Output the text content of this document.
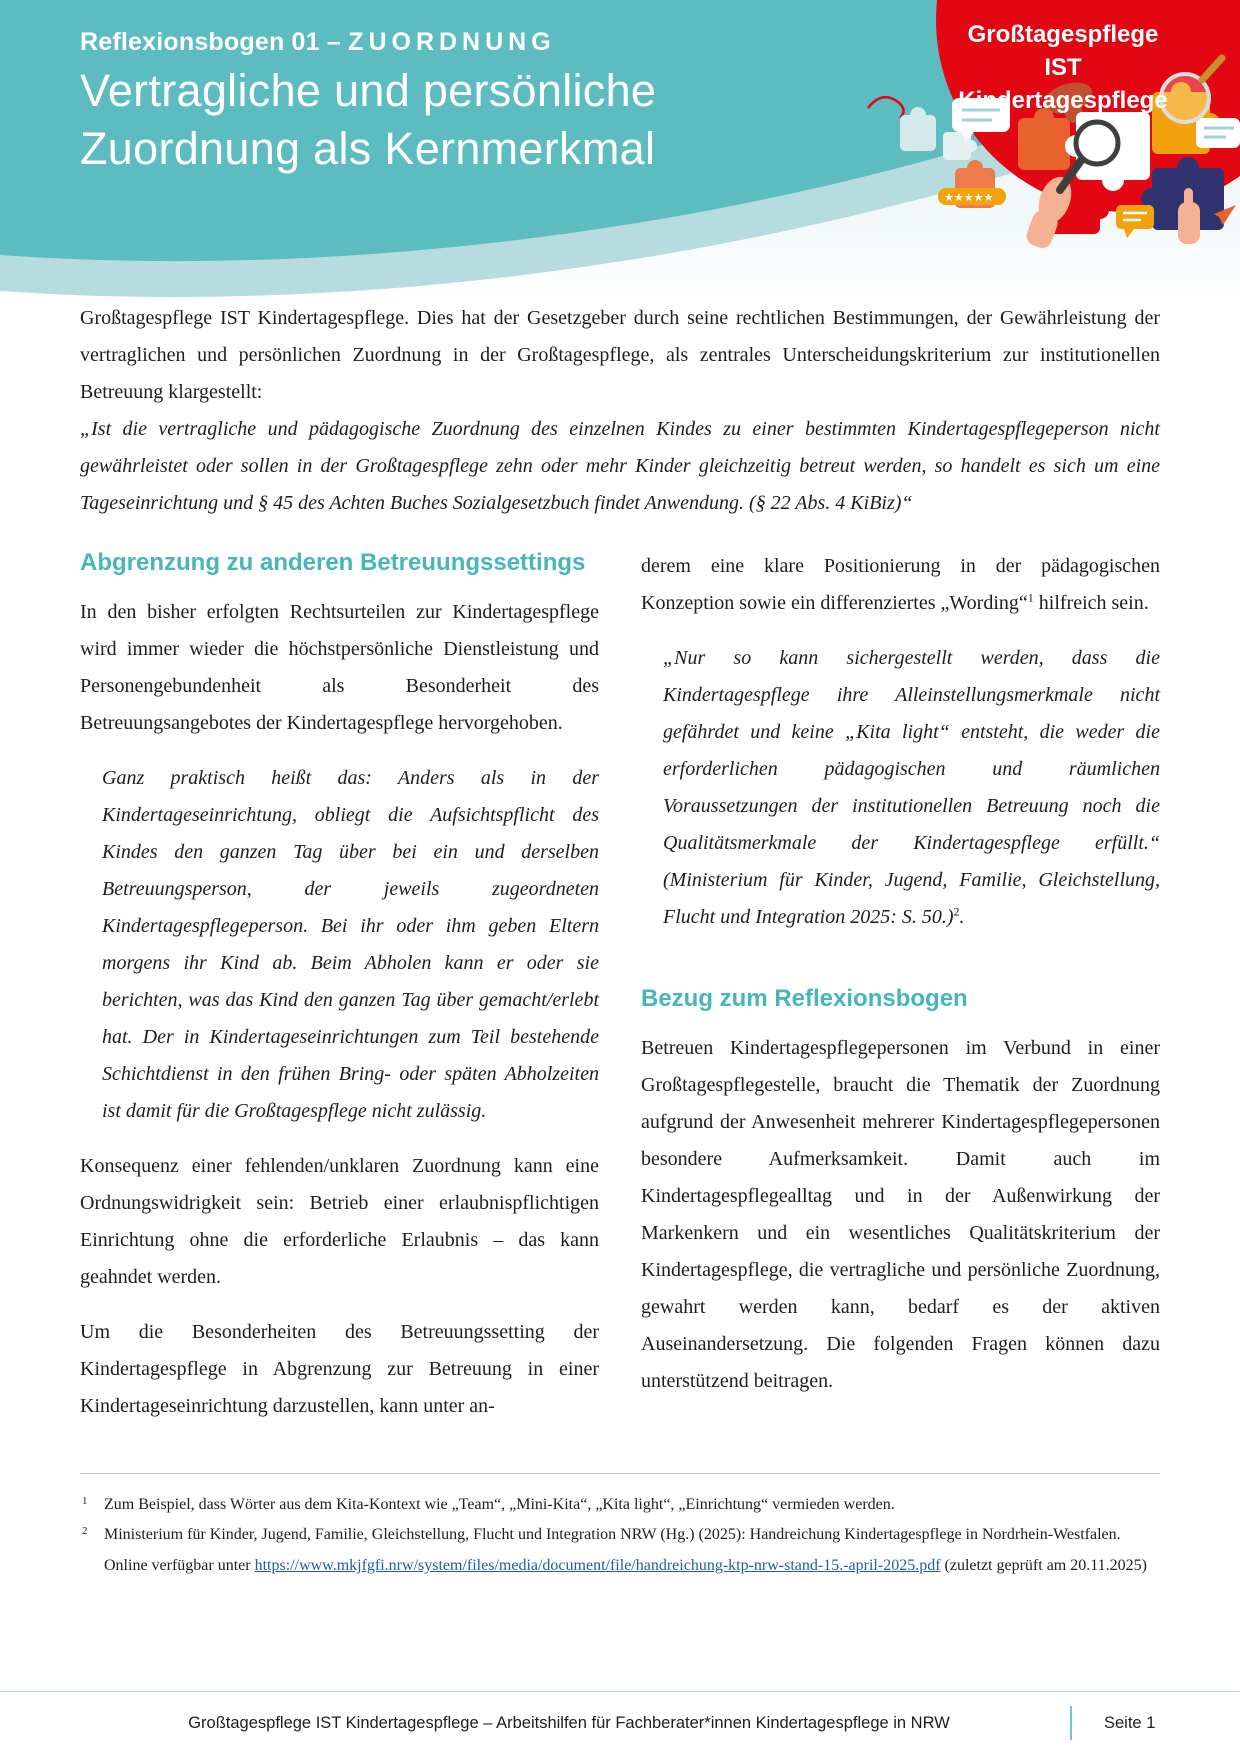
★★★★★
Reflexionsbogen 01 – ZUORDNUNG
Vertragliche und persönliche
Zuordnung als Kernmerkmal
Großtagespflege IST
Kindertagespflege

Großtagespflege IST Kindertagespflege. Dies hat der Gesetzgeber durch seine rechtlichen Bestimmungen, der Gewährleistung der vertraglichen und persönlichen Zuordnung in der Großtagespflege, als zentrales Unterscheidungskriterium zur institutionellen Betreuung klargestellt:

„Ist die vertragliche und pädagogische Zuordnung des einzelnen Kindes zu einer bestimmten Kindertagespflegeperson nicht gewährleistet oder sollen in der Großtagespflege zehn oder mehr Kinder gleichzeitig betreut werden, so handelt es sich um eine Tageseinrichtung und § 45 des Achten Buches Sozialgesetzbuch findet Anwendung. (§ 22 Abs. 4 KiBiz)“

Abgrenzung zu anderen Betreuungssettings

In den bisher erfolgten Rechtsurteilen zur Kindertagespflege wird immer wieder die höchstpersönliche Dienstleistung und Personengebundenheit als Besonderheit des Betreuungsangebotes der Kindertagespflege hervorgehoben.

Ganz praktisch heißt das: Anders als in der Kindertageseinrichtung, obliegt die Aufsichtspflicht des Kindes den ganzen Tag über bei ein und derselben Betreuungsperson, der jeweils zugeordneten Kindertagespflegeperson. Bei ihr oder ihm geben Eltern morgens ihr Kind ab. Beim Abholen kann er oder sie berichten, was das Kind den ganzen Tag über gemacht/erlebt hat. Der in Kindertageseinrichtungen zum Teil bestehende Schichtdienst in den frühen Bring- oder späten Abholzeiten ist damit für die Großtagespflege nicht zulässig.

Konsequenz einer fehlenden/unklaren Zuordnung kann eine Ordnungswidrigkeit sein: Betrieb einer erlaubnispflichtigen Einrichtung ohne die erforderliche Erlaubnis – das kann geahndet werden.

Um die Besonderheiten des Betreuungssetting der Kindertagespflege in Abgrenzung zur Betreuung in einer Kindertageseinrichtung darzustellen, kann unter an-

derem eine klare Positionierung in der pädagogischen Konzeption sowie ein differenziertes „Wording“$^1$ hilfreich sein.

„Nur so kann sichergestellt werden, dass die Kindertagespflege ihre Alleinstellungsmerkmale nicht gefährdet und keine „Kita light“ entsteht, die weder die erforderlichen pädagogischen und räumlichen Voraussetzungen der institutionellen Betreuung noch die Qualitätsmerkmale der Kindertagespflege erfüllt.“ (Ministerium für Kinder, Jugend, Familie, Gleichstellung, Flucht und Integration 2025: S. 50.)$^2$.

Bezug zum Reflexionsbogen

Betreuen Kindertagespflegepersonen im Verbund in einer Großtagespflegestelle, braucht die Thematik der Zuordnung aufgrund der Anwesenheit mehrerer Kindertagespflegepersonen besondere Aufmerksamkeit. Damit auch im Kindertagespflegealltag und in der Außenwirkung der Markenkern und ein wesentliches Qualitätskriterium der Kindertagespflege, die vertragliche und persönliche Zuordnung, gewahrt werden kann, bedarf es der aktiven Auseinandersetzung. Die folgenden Fragen können dazu unterstützend beitragen.

1 Zum Beispiel, dass Wörter aus dem Kita-Kontext wie „Team“, „Mini-Kita“, „Kita light“, „Einrichtung“ vermieden werden.

2 Ministerium für Kinder, Jugend, Familie, Gleichstellung, Flucht und Integration NRW (Hg.) (2025): Handreichung Kindertagespflege in Nordrhein-Westfalen. Online verfügbar unter https://www.mkjfgfi.nrw/system/files/media/document/file/handreichung-ktp-nrw-stand-15.-april-2025.pdf (zuletzt geprüft am 20.11.2025)

Großtagespflege IST Kindertagespflege – Arbeitshilfen für Fachberater*innen Kindertagespflege in NRW	Seite 1
